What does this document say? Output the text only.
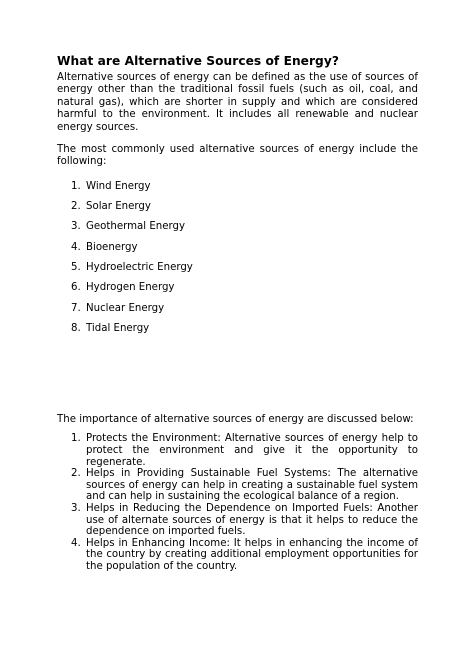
What are Alternative Sources of Energy?

Alternative sources of energy can be defined as the use of sources of energy other than the traditional fossil fuels (such as oil, coal, and natural gas), which are shorter in supply and which are considered harmful to the environment. It includes all renewable and nuclear energy sources.

The most commonly used alternative sources of energy include the following:

1. Wind Energy
2. Solar Energy
3. Geothermal Energy
4. Bioenergy
5. Hydroelectric Energy
6. Hydrogen Energy
7. Nuclear Energy
8. Tidal Energy

The importance of alternative sources of energy are discussed below:

1. Protects the Environment: Alternative sources of energy help to protect the environment and give it the opportunity to regenerate.
2. Helps in Providing Sustainable Fuel Systems: The alternative sources of energy can help in creating a sustainable fuel system and can help in sustaining the ecological balance of a region.
3. Helps in Reducing the Dependence on Imported Fuels: Another use of alternate sources of energy is that it helps to reduce the dependence on imported fuels.
4. Helps in Enhancing Income: It helps in enhancing the income of the country by creating additional employment opportunities for the population of the country.
